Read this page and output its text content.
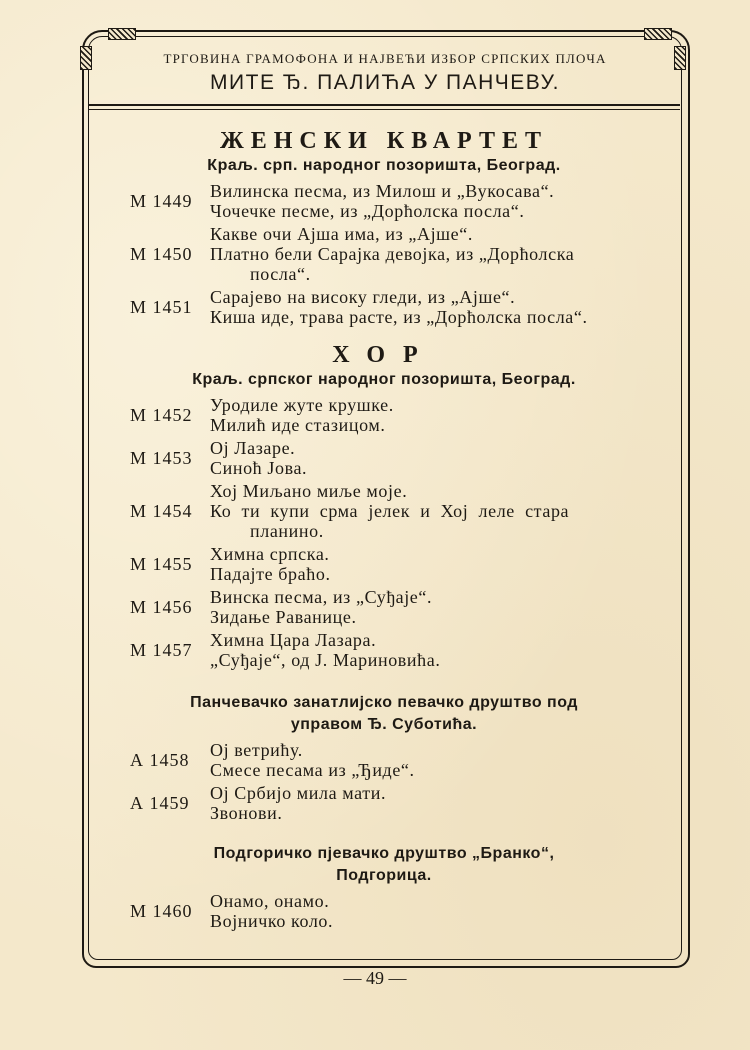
ТРГОВИНА ГРАМОФОНА И НАЈВЕЋИ ИЗБОР СРПСКИХ ПЛОЧА
МИТЕ Ђ. ПАЛИЋА У ПАНЧЕВУ.
ЖЕНСКИ КВАРТЕТ
Краљ. срп. народног позоришта, Београд.
М 1449 Вилинска песма, из Милош и „Вукосава“.
Чочечке песме, из „Дорћолска посла“.
М 1450
Какве очи Ајша има, из „Ајше“.
Платно бели Сарајка девојка, из „Дорћолска
посла“.
М 1451 Сарајево на високу гледи, из „Ајше“.
Киша иде, трава расте, из „Дорћолска посла“.
ХОР
Краљ. српског народног позоришта, Београд.
М 1452 Уродиле жуте крушке.
Милић иде стазицом.
М 1453 Ој Лазаре.
Синоћ Јова.
М 1454
Хој Миљано миље моје.
Ко  ти  купи  срма  јелек  и  Хој  леле  стара
планино.
М 1455 Химна српска.
Падајте браћо.
М 1456 Винска песма, из „Суђаје“.
Зидање Раванице.
М 1457 Химна Цара Лазара.
„Суђаје“, од Ј. Мариновића.
Панчевачко занатлијско певачко друштво под
управом Ђ. Суботића.
А 1458	Ој ветрићу.
Смесе песама из „Ђиде“.
А 1459	Ој Србијо мила мати.
Звонови.
Подгоричко пјевачко друштво „Бранко“,
Подгорица.
М 1460 Онамо, онамо.
Војничко коло.
— 49 —
